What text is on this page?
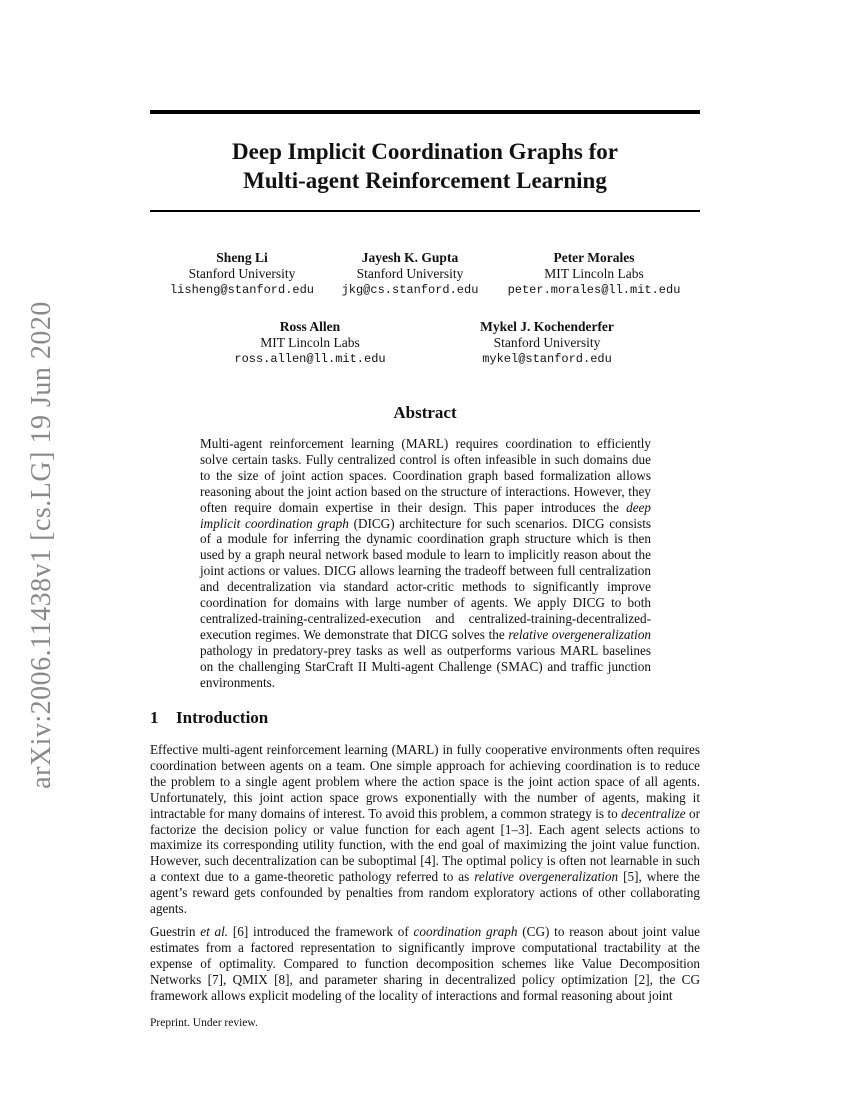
arXiv:2006.11438v1 [cs.LG] 19 Jun 2020
Deep Implicit Coordination Graphs for
Multi-agent Reinforcement Learning
Sheng Li
Stanford University
lisheng@stanford.edu
Jayesh K. Gupta
Stanford University
jkg@cs.stanford.edu
Peter Morales
MIT Lincoln Labs
peter.morales@ll.mit.edu
Ross Allen
MIT Lincoln Labs
ross.allen@ll.mit.edu
Mykel J. Kochenderfer
Stanford University
mykel@stanford.edu
Abstract
Multi-agent reinforcement learning (MARL) requires coordination to efficiently solve certain tasks. Fully centralized control is often infeasible in such domains due to the size of joint action spaces. Coordination graph based formalization allows reasoning about the joint action based on the structure of interactions. However, they often require domain expertise in their design. This paper introduces the deep implicit coordination graph (DICG) architecture for such scenarios. DICG consists of a module for inferring the dynamic coordination graph structure which is then used by a graph neural network based module to learn to implicitly reason about the joint actions or values. DICG allows learning the tradeoff between full centralization and decentralization via standard actor-critic methods to significantly improve coordination for domains with large number of agents. We apply DICG to both centralized-training-centralized-execution and centralized-training-decentralized-execution regimes. We demonstrate that DICG solves the relative overgeneralization pathology in predatory-prey tasks as well as outperforms various MARL baselines on the challenging StarCraft II Multi-agent Challenge (SMAC) and traffic junction environments.
1 Introduction
Effective multi-agent reinforcement learning (MARL) in fully cooperative environments often requires coordination between agents on a team. One simple approach for achieving coordination is to reduce the problem to a single agent problem where the action space is the joint action space of all agents. Unfortunately, this joint action space grows exponentially with the number of agents, making it intractable for many domains of interest. To avoid this problem, a common strategy is to decentralize or factorize the decision policy or value function for each agent [1–3]. Each agent selects actions to maximize its corresponding utility function, with the end goal of maximizing the joint value function. However, such decentralization can be suboptimal [4]. The optimal policy is often not learnable in such a context due to a game-theoretic pathology referred to as relative overgeneralization [5], where the agent’s reward gets confounded by penalties from random exploratory actions of other collaborating agents.
Guestrin et al. [6] introduced the framework of coordination graph (CG) to reason about joint value estimates from a factored representation to significantly improve computational tractability at the expense of optimality. Compared to function decomposition schemes like Value Decomposition Networks [7], QMIX [8], and parameter sharing in decentralized policy optimization [2], the CG framework allows explicit modeling of the locality of interactions and formal reasoning about joint
Preprint. Under review.
